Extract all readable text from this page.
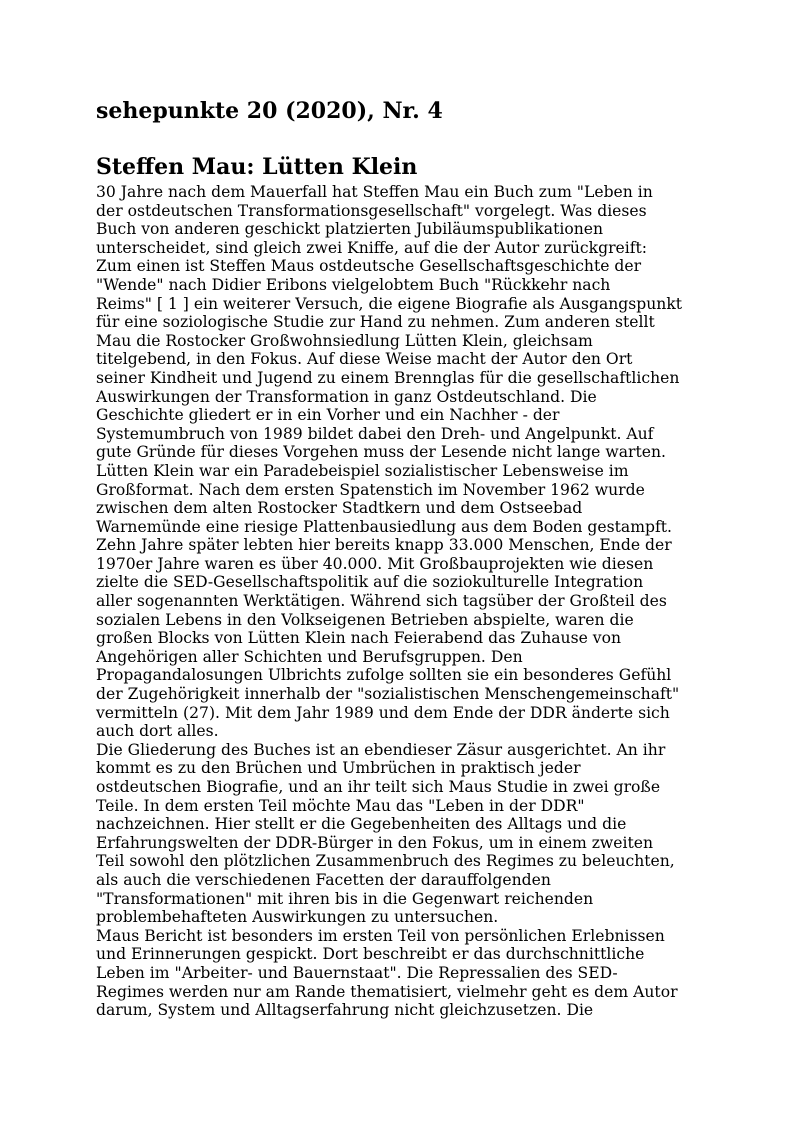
sehepunkte 20 (2020), Nr. 4
Steffen Mau: Lütten Klein
30 Jahre nach dem Mauerfall hat Steffen Mau ein Buch zum "Leben in
der ostdeutschen Transformationsgesellschaft" vorgelegt. Was dieses
Buch von anderen geschickt platzierten Jubiläumspublikationen
unterscheidet, sind gleich zwei Kniffe, auf die der Autor zurückgreift:
Zum einen ist Steffen Maus ostdeutsche Gesellschaftsgeschichte der
"Wende" nach Didier Eribons vielgelobtem Buch "Rückkehr nach
Reims" [ 1 ] ein weiterer Versuch, die eigene Biografie als Ausgangspunkt
für eine soziologische Studie zur Hand zu nehmen. Zum anderen stellt
Mau die Rostocker Großwohnsiedlung Lütten Klein, gleichsam
titelgebend, in den Fokus. Auf diese Weise macht der Autor den Ort
seiner Kindheit und Jugend zu einem Brennglas für die gesellschaftlichen
Auswirkungen der Transformation in ganz Ostdeutschland. Die
Geschichte gliedert er in ein Vorher und ein Nachher - der
Systemumbruch von 1989 bildet dabei den Dreh- und Angelpunkt. Auf
gute Gründe für dieses Vorgehen muss der Lesende nicht lange warten.
Lütten Klein war ein Paradebeispiel sozialistischer Lebensweise im
Großformat. Nach dem ersten Spatenstich im November 1962 wurde
zwischen dem alten Rostocker Stadtkern und dem Ostseebad
Warnemünde eine riesige Plattenbausiedlung aus dem Boden gestampft.
Zehn Jahre später lebten hier bereits knapp 33.000 Menschen, Ende der
1970er Jahre waren es über 40.000. Mit Großbauprojekten wie diesen
zielte die SED-Gesellschaftspolitik auf die soziokulturelle Integration
aller sogenannten Werktätigen. Während sich tagsüber der Großteil des
sozialen Lebens in den Volkseigenen Betrieben abspielte, waren die
großen Blocks von Lütten Klein nach Feierabend das Zuhause von
Angehörigen aller Schichten und Berufsgruppen. Den
Propagandalosungen Ulbrichts zufolge sollten sie ein besonderes Gefühl
der Zugehörigkeit innerhalb der "sozialistischen Menschengemeinschaft"
vermitteln (27). Mit dem Jahr 1989 und dem Ende der DDR änderte sich
auch dort alles.
Die Gliederung des Buches ist an ebendieser Zäsur ausgerichtet. An ihr
kommt es zu den Brüchen und Umbrüchen in praktisch jeder
ostdeutschen Biografie, und an ihr teilt sich Maus Studie in zwei große
Teile. In dem ersten Teil möchte Mau das "Leben in der DDR"
nachzeichnen. Hier stellt er die Gegebenheiten des Alltags und die
Erfahrungswelten der DDR-Bürger in den Fokus, um in einem zweiten
Teil sowohl den plötzlichen Zusammenbruch des Regimes zu beleuchten,
als auch die verschiedenen Facetten der darauffolgenden
"Transformationen" mit ihren bis in die Gegenwart reichenden
problembehafteten Auswirkungen zu untersuchen.
Maus Bericht ist besonders im ersten Teil von persönlichen Erlebnissen
und Erinnerungen gespickt. Dort beschreibt er das durchschnittliche
Leben im "Arbeiter- und Bauernstaat". Die Repressalien des SED-
Regimes werden nur am Rande thematisiert, vielmehr geht es dem Autor
darum, System und Alltagserfahrung nicht gleichzusetzen. Die
